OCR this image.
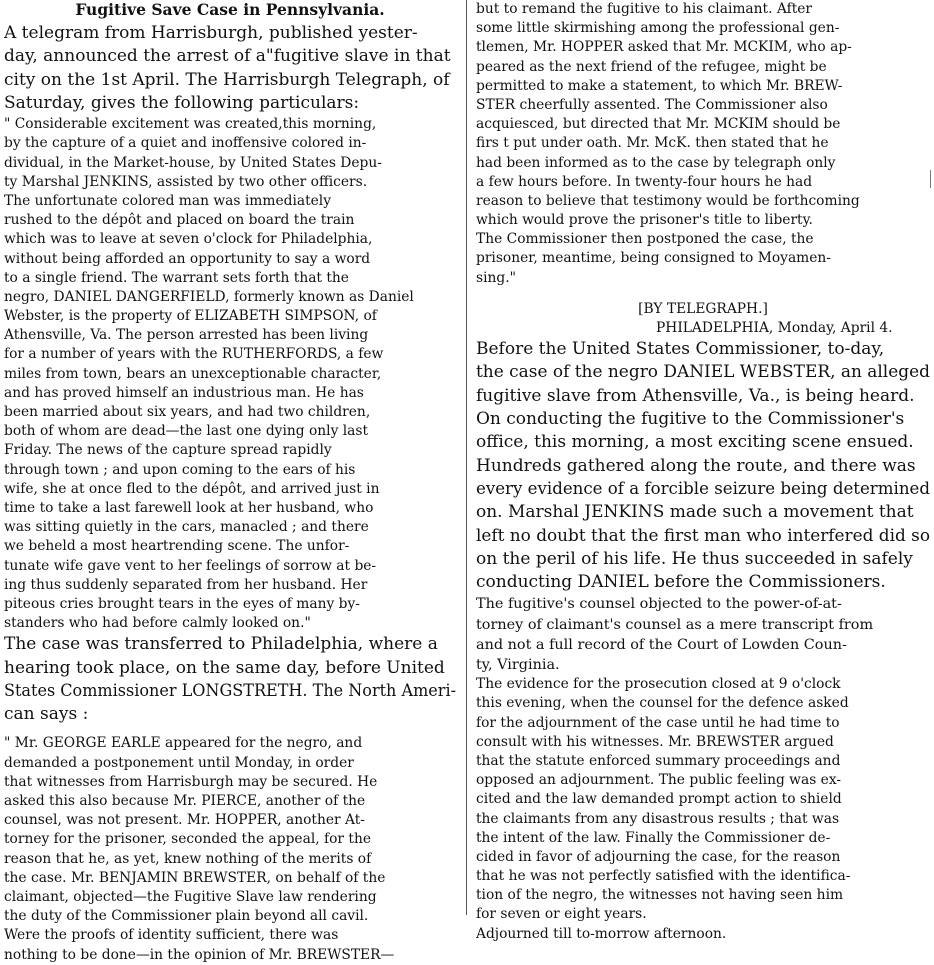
Fugitive Save Case in Pennsylvania.

A telegram from Harrisburgh, published yester-

day, announced the arrest of a"fugitive slave in that

city on the 1st April. The Harrisburgh Telegraph, of

Saturday, gives the following particulars:

" Considerable excitement was created,this morning,

by the capture of a quiet and inoffensive colored in-

dividual, in the Market-house, by United States Depu-

ty Marshal JENKINS, assisted by two other officers.

The unfortunate colored man was immediately

rushed to the dépôt and placed on board the train

which was to leave at seven o'clock for Philadelphia,

without being afforded an opportunity to say a word

to a single friend. The warrant sets forth that the

negro, DANIEL DANGERFIELD, formerly known as Daniel

Webster, is the property of ELIZABETH SIMPSON, of

Athensville, Va. The person arrested has been living

for a number of years with the RUTHERFORDS, a few

miles from town, bears an unexceptionable character,

and has proved himself an industrious man. He has

been married about six years, and had two children,

both of whom are dead—the last one dying only last

Friday. The news of the capture spread rapidly

through town ; and upon coming to the ears of his

wife, she at once fled to the dépôt, and arrived just in

time to take a last farewell look at her husband, who

was sitting quietly in the cars, manacled ; and there

we beheld a most heartrending scene. The unfor-

tunate wife gave vent to her feelings of sorrow at be-

ing thus suddenly separated from her husband. Her

piteous cries brought tears in the eyes of many by-

standers who had before calmly looked on."

The case was transferred to Philadelphia, where a

hearing took place, on the same day, before United

States Commissioner LONGSTRETH. The North Ameri-

can says :

" Mr. GEORGE EARLE appeared for the negro, and

demanded a postponement until Monday, in order

that witnesses from Harrisburgh may be secured. He

asked this also because Mr. PIERCE, another of the

counsel, was not present. Mr. HOPPER, another At-

torney for the prisoner, seconded the appeal, for the

reason that he, as yet, knew nothing of the merits of

the case. Mr. BENJAMIN BREWSTER, on behalf of the

claimant, objected—the Fugitive Slave law rendering

the duty of the Commissioner plain beyond all cavil.

Were the proofs of identity sufficient, there was

nothing to be done—in the opinion of Mr. BREWSTER—

but to remand the fugitive to his claimant. After

some little skirmishing among the professional gen-

tlemen, Mr. HOPPER asked that Mr. MCKIM, who ap-

peared as the next friend of the refugee, might be

permitted to make a statement, to which Mr. BREW-

STER cheerfully assented. The Commissioner also

acquiesced, but directed that Mr. MCKIM should be

firs t put under oath. Mr. McK. then stated that he

had been informed as to the case by telegraph only

a few hours before. In twenty-four hours he had

reason to believe that testimony would be forthcoming

which would prove the prisoner's title to liberty.

The Commissioner then postponed the case, the

prisoner, meantime, being consigned to Moyamen-

sing."

[BY TELEGRAPH.]

PHILADELPHIA, Monday, April 4.

Before the United States Commissioner, to-day,

the case of the negro DANIEL WEBSTER, an alleged

fugitive slave from Athensville, Va., is being heard.

On conducting the fugitive to the Commissioner's

office, this morning, a most exciting scene ensued.

Hundreds gathered along the route, and there was

every evidence of a forcible seizure being determined

on. Marshal JENKINS made such a movement that

left no doubt that the first man who interfered did so

on the peril of his life. He thus succeeded in safely

conducting DANIEL before the Commissioners.

The fugitive's counsel objected to the power-of-at-

torney of claimant's counsel as a mere transcript from

and not a full record of the Court of Lowden Coun-

ty, Virginia.

The evidence for the prosecution closed at 9 o'clock

this evening, when the counsel for the defence asked

for the adjournment of the case until he had time to

consult with his witnesses. Mr. BREWSTER argued

that the statute enforced summary proceedings and

opposed an adjournment. The public feeling was ex-

cited and the law demanded prompt action to shield

the claimants from any disastrous results ; that was

the intent of the law. Finally the Commissioner de-

cided in favor of adjourning the case, for the reason

that he was not perfectly satisfied with the identifica-

tion of the negro, the witnesses not having seen him

for seven or eight years.

Adjourned till to-morrow afternoon.
